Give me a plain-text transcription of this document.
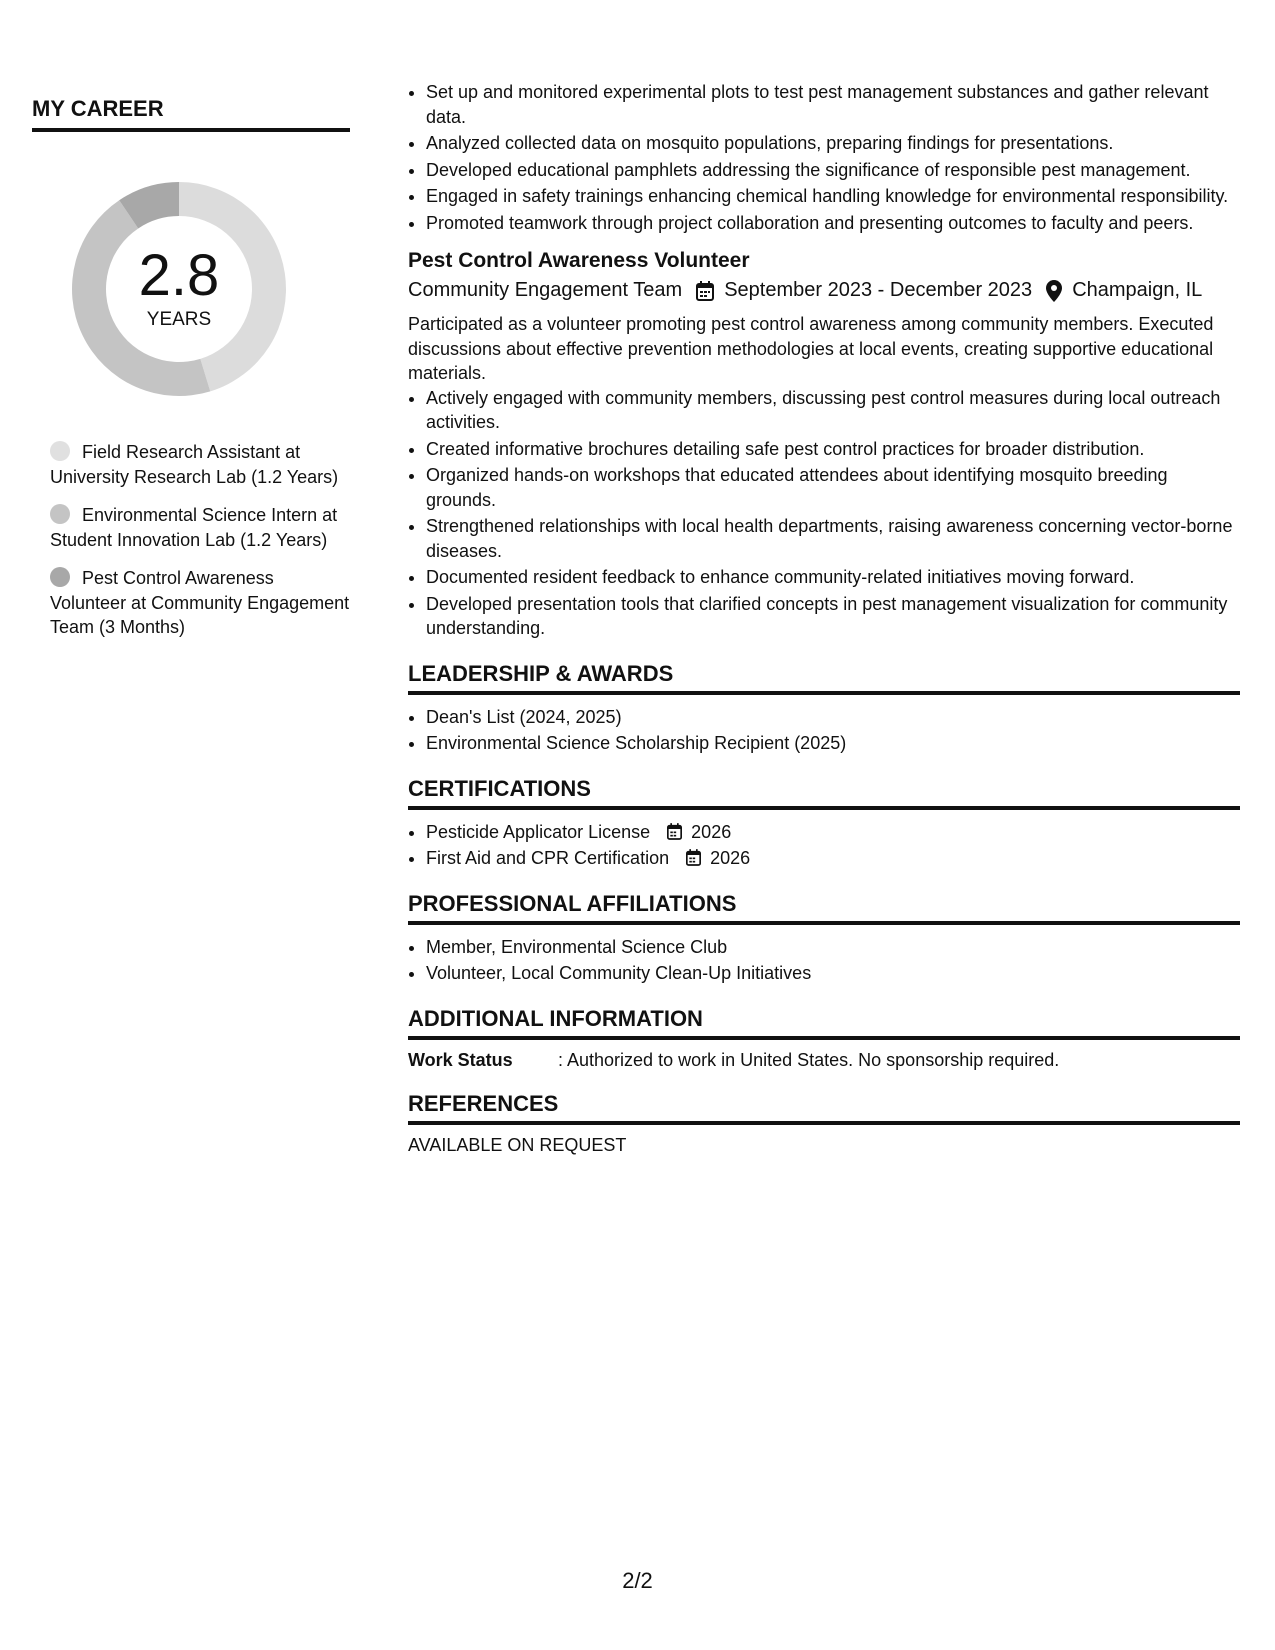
MY CAREER
2.8
YEARS
Field Research Assistant at University Research Lab (1.2 Years)
Environmental Science Intern at Student Innovation Lab (1.2 Years)
Pest Control Awareness Volunteer at Community Engagement Team (3 Months)
• Set up and monitored experimental plots to test pest management substances and gather relevant data.
• Analyzed collected data on mosquito populations, preparing findings for presentations.
• Developed educational pamphlets addressing the significance of responsible pest management.
• Engaged in safety trainings enhancing chemical handling knowledge for environmental responsibility.
• Promoted teamwork through project collaboration and presenting outcomes to faculty and peers.
Pest Control Awareness Volunteer
Community Engagement Team September 2023 - December 2023 Champaign, IL

Participated as a volunteer promoting pest control awareness among community members. Executed discussions about effective prevention methodologies at local events, creating supportive educational materials.

• Actively engaged with community members, discussing pest control measures during local outreach activities.
• Created informative brochures detailing safe pest control practices for broader distribution.
• Organized hands-on workshops that educated attendees about identifying mosquito breeding grounds.
• Strengthened relationships with local health departments, raising awareness concerning vector-borne diseases.
• Documented resident feedback to enhance community-related initiatives moving forward.
• Developed presentation tools that clarified concepts in pest management visualization for community understanding.
LEADERSHIP & AWARDS
• Dean's List (2024, 2025)
• Environmental Science Scholarship Recipient (2025)
CERTIFICATIONS
• Pesticide Applicator License 2026
• First Aid and CPR Certification 2026
PROFESSIONAL AFFILIATIONS
• Member, Environmental Science Club
• Volunteer, Local Community Clean-Up Initiatives
ADDITIONAL INFORMATION
Work Status	: Authorized to work in United States. No sponsorship required.
REFERENCES

AVAILABLE ON REQUEST

2/2
